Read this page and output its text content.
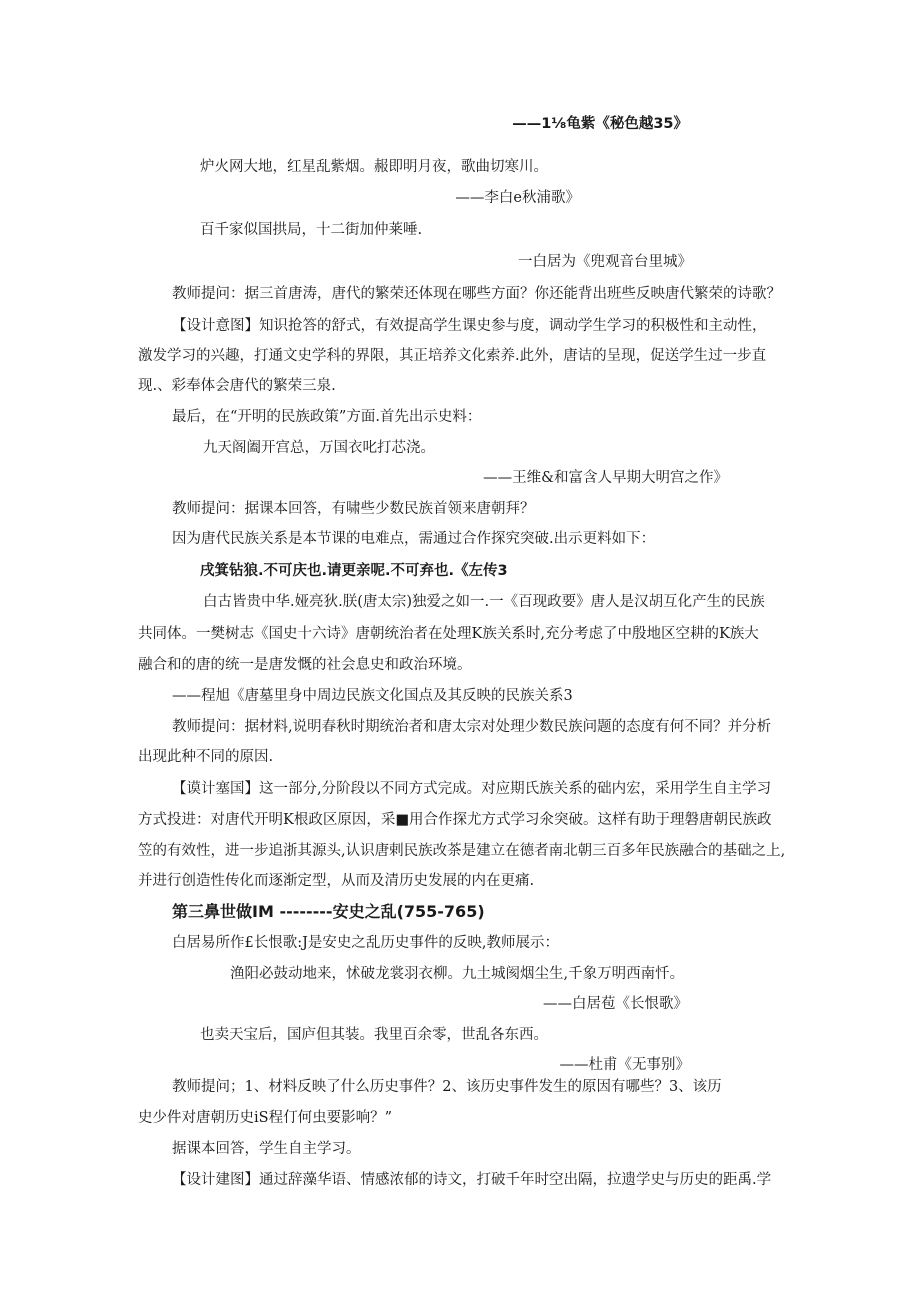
——1⅛龟紫《秘色越35》
炉火网大地，红星乱紫烟。赧即明月夜，歌曲切寒川。
——李白e秋浦歌》
百千家似国拱局，十二街加仲莱唾.
一白居为《兜观音台里城》
教师提问：据三首唐涛，唐代的繁荣还体现在哪些方面？你还能背出班些反映唐代繁荣的诗歌？
【设计意图】知识抢答的舒式，有效提高学生课史参与度，调动学生学习的积极性和主动性，
激发学习的兴趣，打通文史学科的界限，其正培养文化索养.此外，唐诘的呈现，促送学生过一步直
现.、彩奉体会唐代的繁荣三泉.
最后，在“开明的民族政策”方面.首先出示史料：
九天阁阖开宫总，万国衣叱打芯浇。
——王维&和富含人早期大明宫之作》
教师提问：据课本回答，有啸些少数民族首领来唐朝拜？
因为唐代民族关系是本节课的电难点，需通过合作探究突破.出示更料如下：
戌箕钻狼.不可庆也.请更亲呢.不可弃也.《左传3
白古皆贵中华.娅亮狄.朕(唐太宗)独爱之如一.一《百现政要》唐人是汉胡互化产生的民族
共同体。一樊树志《国史十六诗》唐朝统治者在处理K族关系时,充分考虑了中殷地区空耕的K族大
融合和的唐的统一是唐发慨的社会息史和政治环境。
——程旭《唐墓里身中周边民族文化国点及其反映的民族关系3
教师提问：据材料,说明春秋时期统治者和唐太宗对处理少数民族问题的态度有何不同？并分析
出现此种不同的原因.
【谟计塞国】这一部分,分阶段以不同方式完成。对应期氏族关系的础内宏，采用学生自主学习
方式投进：对唐代开明K根政区原因，采■用合作探尤方式学习氽突破。这样有助于理磐唐朝民族政
笠的有效性，进一步追浙其源头,认识唐剌民族改茶是建立在德者南北朝三百多年民族融合的基础之上,
并进行创造性传化而逐渐定型，从而及清历史发展的内在更痛.
第三鼻世做IM --------安史之乱(755-765)
白居易所作£长恨歌:J是安史之乱历史事件的反映,教师展示：
渔阳必鼓动地来，怵破龙裳羽衣柳。九土城阂烟尘生,千象万明西南忏。
——白居苞《长恨歌》
也卖天宝后，国庐但其装。我里百余零，世乱各东西。
——杜甫《无事别》
教师提问；1、材料反映了什么历史事件？2、该历史事件发生的原因有哪些？3、该历
史少件对唐朝历史iS程仃何虫要影响？”
据课本回答，学生自主学习。
【设计建图】通过辞藻华语、情感浓郁的诗文，打破千年时空出隔，拉遗学史与历史的距禹.学
